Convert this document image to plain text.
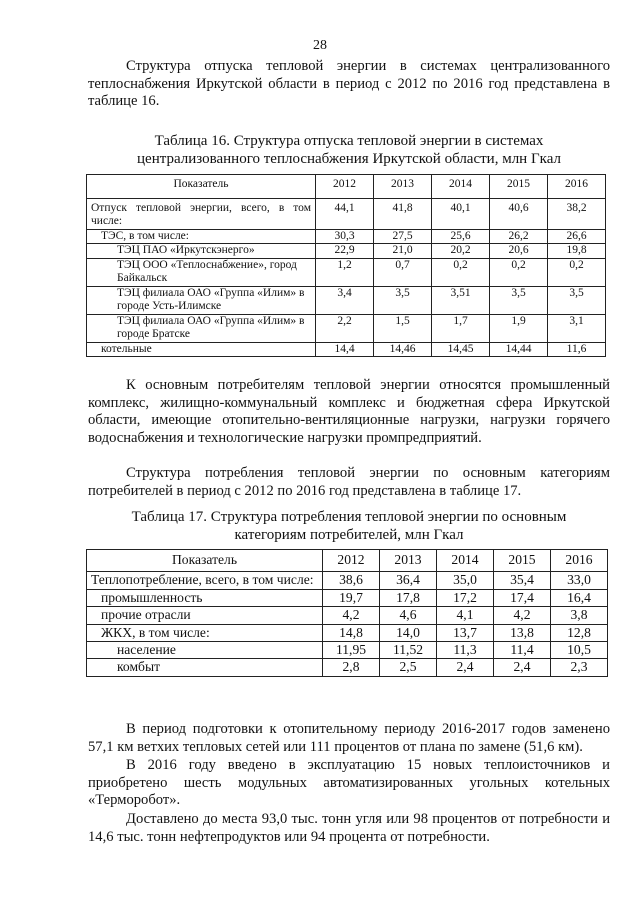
28

Структура отпуска тепловой энергии в системах централизованного теплоснабжения Иркутской области в период с 2012 по 2016 год представлена в таблице 16.

Таблица 16. Структура отпуска тепловой энергии в системах
централизованного теплоснабжения Иркутской области, млн Гкал
Показатель	2012	2013	2014	2015	2016
Отпуск тепловой энергии, всего, в том числе:	44,1	41,8	40,1	40,6	38,2
ТЭС, в том числе:	30,3	27,5	25,6	26,2	26,6
ТЭЦ ПАО «Иркутскэнерго»	22,9	21,0	20,2	20,6	19,8
ТЭЦ ООО «Теплоснабжение», город Байкальск	1,2	0,7	0,2	0,2	0,2
ТЭЦ филиала ОАО «Группа «Илим» в городе Усть-Илимске	3,4	3,5	3,51	3,5	3,5
ТЭЦ филиала ОАО «Группа «Илим» в городе Братске	2,2	1,5	1,7	1,9	3,1
котельные	14,4	14,46	14,45	14,44	11,6

К основным потребителям тепловой энергии относятся промышленный комплекс, жилищно-коммунальный комплекс и бюджетная сфера Иркутской области, имеющие отопительно-вентиляционные нагрузки, нагрузки горячего водоснабжения и технологические нагрузки промпредприятий.

Структура потребления тепловой энергии по основным категориям потребителей в период с 2012 по 2016 год представлена в таблице 17.

Таблица 17. Структура потребления тепловой энергии по основным
категориям потребителей, млн Гкал
Показатель	2012	2013	2014	2015	2016
Теплопотребление, всего, в том числе:	38,6	36,4	35,0	35,4	33,0
промышленность	19,7	17,8	17,2	17,4	16,4
прочие отрасли	4,2	4,6	4,1	4,2	3,8
ЖКХ, в том числе:	14,8	14,0	13,7	13,8	12,8
население	11,95	11,52	11,3	11,4	10,5
комбыт	2,8	2,5	2,4	2,4	2,3

В период подготовки к отопительному периоду 2016-2017 годов заменено 57,1 км ветхих тепловых сетей или 111 процентов от плана по замене (51,6 км).

В 2016 году введено в эксплуатацию 15 новых теплоисточников и приобретено шесть модульных автоматизированных угольных котельных «Терморобот».

Доставлено до места 93,0 тыс. тонн угля или 98 процентов от потребности и 14,6 тыс. тонн нефтепродуктов или 94 процента от потребности.
